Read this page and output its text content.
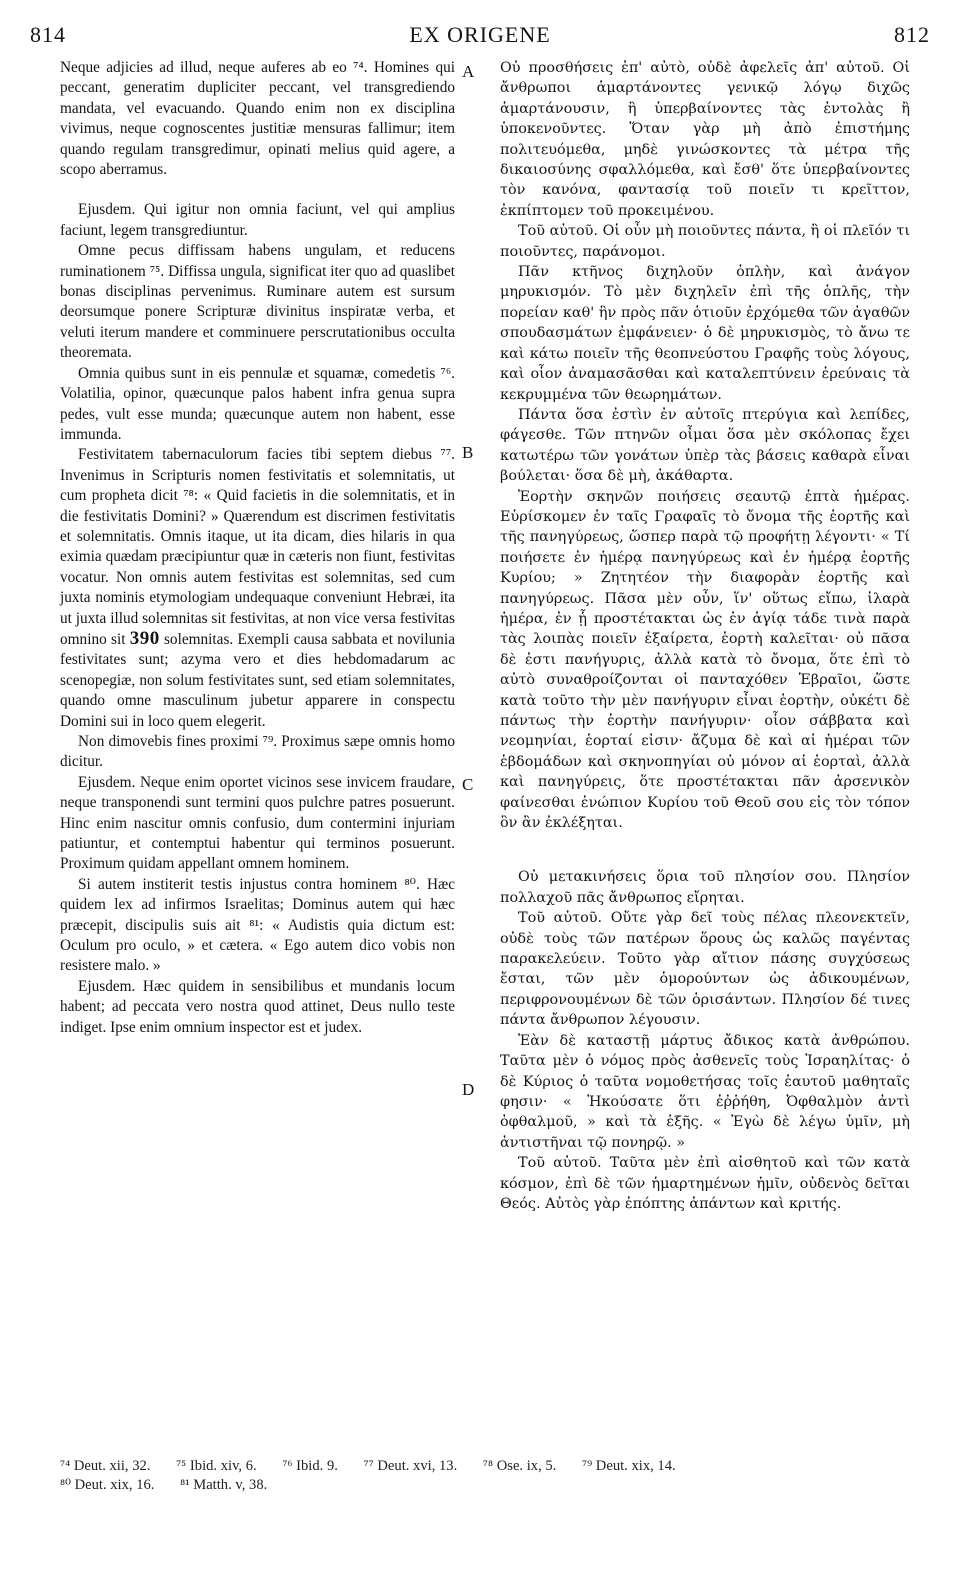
814	EX ORIGENE	812
A
B
C
D

Neque adjicies ad illud, neque auferes ab eo ⁷⁴. Homines qui peccant, generatim dupliciter peccant, vel transgrediendo mandata, vel evacuando. Quando enim non ex disciplina vivimus, neque cognoscentes justitiæ mensuras fallimur; item quando regulam transgredimur, opinati melius quid agere, a scopo aberramus.

Ejusdem. Qui igitur non omnia faciunt, vel qui amplius faciunt, legem transgrediuntur.

Omne pecus diffissam habens ungulam, et reducens ruminationem ⁷⁵. Diffissa ungula, significat iter quo ad quaslibet bonas disciplinas pervenimus. Ruminare autem est sursum deorsumque ponere Scripturæ divinitus inspiratæ verba, et veluti iterum mandere et comminuere perscrutationibus occulta theoremata.

Omnia quibus sunt in eis pennulæ et squamæ, comedetis ⁷⁶. Volatilia, opinor, quæcunque palos habent infra genua supra pedes, vult esse munda; quæcunque autem non habent, esse immunda.

Festivitatem tabernaculorum facies tibi septem diebus ⁷⁷. Invenimus in Scripturis nomen festivitatis et solemnitatis, ut cum propheta dicit ⁷⁸: « Quid facietis in die solemnitatis, et in die festivitatis Domini? » Quærendum est discrimen festivitatis et solemnitatis. Omnis itaque, ut ita dicam, dies hilaris in qua eximia quædam præcipiuntur quæ in cæteris non fiunt, festivitas vocatur. Non omnis autem festivitas est solemnitas, sed cum juxta nominis etymologiam undequaque conveniunt Hebræi, ita ut juxta illud solemnitas sit festivitas, at non vice versa festivitas omnino sit 390 solemnitas. Exempli causa sabbata et novilunia festivitates sunt; azyma vero et dies hebdomadarum ac scenopegiæ, non solum festivitates sunt, sed etiam solemnitates, quando omne masculinum jubetur apparere in conspectu Domini sui in loco quem elegerit.

Non dimovebis fines proximi ⁷⁹. Proximus sæpe omnis homo dicitur.

Ejusdem. Neque enim oportet vicinos sese invicem fraudare, neque transponendi sunt termini quos pulchre patres posuerunt. Hinc enim nascitur omnis confusio, dum contermini injuriam patiuntur, et contemptui habentur qui terminos posuerunt. Proximum quidam appellant omnem hominem.

Si autem institerit testis injustus contra hominem ⁸⁰. Hæc quidem lex ad infirmos Israelitas; Dominus autem qui hæc præcepit, discipulis suis ait ⁸¹: « Audistis quia dictum est: Oculum pro oculo, » et cætera. « Ego autem dico vobis non resistere malo. »

Ejusdem. Hæc quidem in sensibilibus et mundanis locum habent; ad peccata vero nostra quod attinet, Deus nullo teste indiget. Ipse enim omnium inspector est et judex.

Οὐ προσθήσεις ἐπ' αὐτὸ, οὐδὲ ἀφελεῖς ἀπ' αὐτοῦ. Οἱ ἄνθρωποι ἁμαρτάνοντες γενικῷ λόγῳ διχῶς ἁμαρτάνουσιν, ἢ ὑπερβαίνοντες τὰς ἐντολὰς ἢ ὑποκενοῦντες. Ὅταν γὰρ μὴ ἀπὸ ἐπιστήμης πολιτευόμεθα, μηδὲ γινώσκοντες τὰ μέτρα τῆς δικαιοσύνης σφαλλόμεθα, καὶ ἔσθ' ὅτε ὑπερβαίνοντες τὸν κανόνα, φαντασίᾳ τοῦ ποιεῖν τι κρεῖττον, ἐκπίπτομεν τοῦ προκειμένου.

Τοῦ αὐτοῦ. Οἱ οὖν μὴ ποιοῦντες πάντα, ἢ οἱ πλεῖόν τι ποιοῦντες, παράνομοι.

Πᾶν κτῆνος διχηλοῦν ὁπλὴν, καὶ ἀνάγον μηρυκισμόν. Τὸ μὲν διχηλεῖν ἐπὶ τῆς ὁπλῆς, τὴν πορείαν καθ' ἣν πρὸς πᾶν ὁτιοῦν ἐρχόμεθα τῶν ἀγαθῶν σπουδασμάτων ἐμφάνειεν· ὁ δὲ μηρυκισμὸς, τὸ ἄνω τε καὶ κάτω ποιεῖν τῆς θεοπνεύστου Γραφῆς τοὺς λόγους, καὶ οἷον ἀναμασᾶσθαι καὶ καταλεπτύνειν ἐρεύναις τὰ κεκρυμμένα τῶν θεωρημάτων.

Πάντα ὅσα ἐστὶν ἐν αὐτοῖς πτερύγια καὶ λεπίδες, φάγεσθε. Τῶν πτηνῶν οἶμαι ὅσα μὲν σκόλοπας ἔχει κατωτέρω τῶν γονάτων ὑπὲρ τὰς βάσεις καθαρὰ εἶναι βούλεται· ὅσα δὲ μὴ, ἀκάθαρτα.

Ἑορτὴν σκηνῶν ποιήσεις σεαυτῷ ἑπτὰ ἡμέρας. Εὑρίσκομεν ἐν ταῖς Γραφαῖς τὸ ὄνομα τῆς ἑορτῆς καὶ τῆς πανηγύρεως, ὥσπερ παρὰ τῷ προφήτῃ λέγοντι· « Τί ποιήσετε ἐν ἡμέρᾳ πανηγύρεως καὶ ἐν ἡμέρᾳ ἑορτῆς Κυρίου; » Ζητητέον τὴν διαφορὰν ἑορτῆς καὶ πανηγύρεως. Πᾶσα μὲν οὖν, ἵν' οὕτως εἴπω, ἱλαρὰ ἡμέρα, ἐν ᾗ προστέτακται ὡς ἐν ἁγίᾳ τάδε τινὰ παρὰ τὰς λοιπὰς ποιεῖν ἐξαίρετα, ἑορτὴ καλεῖται· οὐ πᾶσα δὲ ἐστι πανήγυρις, ἀλλὰ κατὰ τὸ ὄνομα, ὅτε ἐπὶ τὸ αὐτὸ συναθροίζονται οἱ πανταχόθεν Ἑβραῖοι, ὥστε κατὰ τοῦτο τὴν μὲν πανήγυριν εἶναι ἑορτὴν, οὐκέτι δὲ πάντως τὴν ἑορτὴν πανήγυριν· οἷον σάββατα καὶ νεομηνίαι, ἑορταί εἰσιν· ἄζυμα δὲ καὶ αἱ ἡμέραι τῶν ἑβδομάδων καὶ σκηνοπηγίαι οὐ μόνον αἱ ἑορταὶ, ἀλλὰ καὶ πανηγύρεις, ὅτε προστέτακται πᾶν ἀρσενικὸν φαίνεσθαι ἐνώπιον Κυρίου τοῦ Θεοῦ σου εἰς τὸν τόπον ὃν ἂν ἐκλέξηται.

Οὐ μετακινήσεις ὅρια τοῦ πλησίον σου. Πλησίον πολλαχοῦ πᾶς ἄνθρωπος εἴρηται.

Τοῦ αὐτοῦ. Οὔτε γὰρ δεῖ τοὺς πέλας πλεονεκτεῖν, οὐδὲ τοὺς τῶν πατέρων ὅρους ὡς καλῶς παγέντας παρακελεύειν. Τοῦτο γὰρ αἴτιον πάσης συγχύσεως ἔσται, τῶν μὲν ὁμορούντων ὡς ἀδικουμένων, περιφρονουμένων δὲ τῶν ὁρισάντων. Πλησίον δέ τινες πάντα ἄνθρωπον λέγουσιν.

Ἐὰν δὲ καταστῇ μάρτυς ἄδικος κατὰ ἀνθρώπου. Ταῦτα μὲν ὁ νόμος πρὸς ἀσθενεῖς τοὺς Ἰσραηλίτας· ὁ δὲ Κύριος ὁ ταῦτα νομοθετήσας τοῖς ἑαυτοῦ μαθηταῖς φησιν· « Ἠκούσατε ὅτι ἐῤῥήθη, Ὀφθαλμὸν ἀντὶ ὀφθαλμοῦ, » καὶ τὰ ἑξῆς. « Ἐγὼ δὲ λέγω ὑμῖν, μὴ ἀντιστῆναι τῷ πονηρῷ. »

Τοῦ αὐτοῦ. Ταῦτα μὲν ἐπὶ αἰσθητοῦ καὶ τῶν κατὰ κόσμον, ἐπὶ δὲ τῶν ἡμαρτημένων ἡμῖν, οὐδενὸς δεῖται Θεός. Αὐτὸς γὰρ ἐπόπτης ἁπάντων καὶ κριτής.

⁷⁴ Deut. xii, 32. ⁷⁵ Ibid. xiv, 6. ⁷⁶ Ibid. 9. ⁷⁷ Deut. xvi, 13. ⁷⁸ Ose. ix, 5. ⁷⁹ Deut. xix, 14.
⁸⁰ Deut. xix, 16. ⁸¹ Matth. v, 38.
